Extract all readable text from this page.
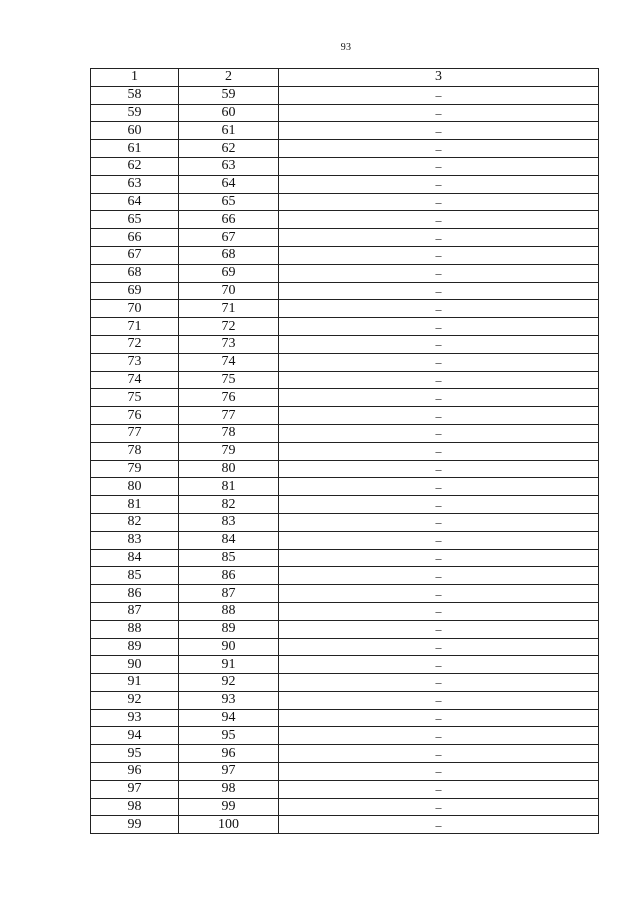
93
1	2	3
58	59	–
59	60	–
60	61	–
61	62	–
62	63	–
63	64	–
64	65	–
65	66	–
66	67	–
67	68	–
68	69	–
69	70	–
70	71	–
71	72	–
72	73	–
73	74	–
74	75	–
75	76	–
76	77	–
77	78	–
78	79	–
79	80	–
80	81	–
81	82	–
82	83	–
83	84	–
84	85	–
85	86	–
86	87	–
87	88	–
88	89	–
89	90	–
90	91	–
91	92	–
92	93	–
93	94	–
94	95	–
95	96	–
96	97	–
97	98	–
98	99	–
99	100	–
